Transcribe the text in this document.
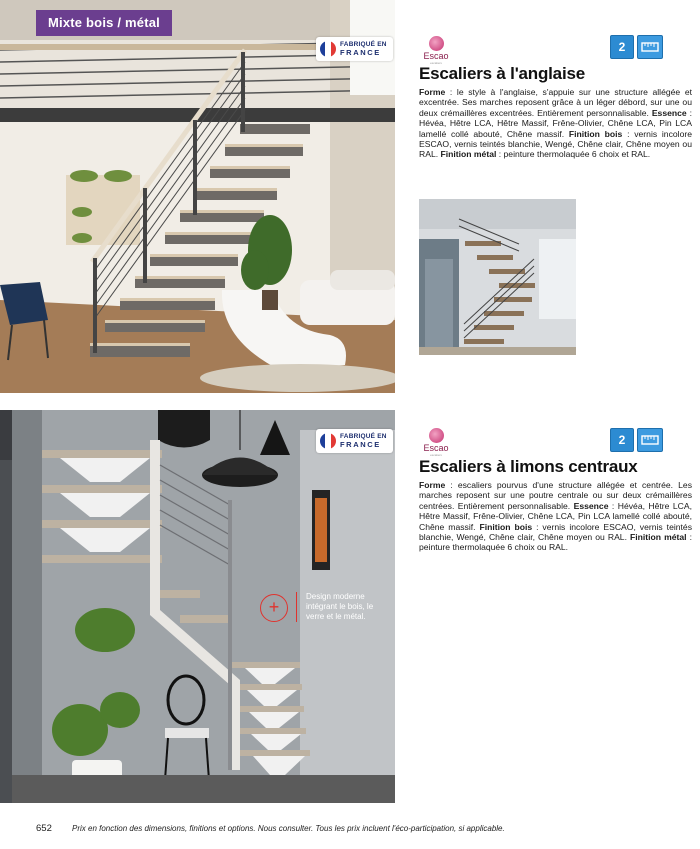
Mixte bois / métal
FABRIQUÉ EN
FRANCE	Escao
escaliers
2
Escaliers à l'anglaise
Forme : le style à l'anglaise, s'appuie sur une structure allégée et excentrée. Ses marches reposent grâce à un léger débord, sur une ou deux crémaillères excentrées. Entièrement personnalisable. Essence : Hévéa, Hêtre LCA, Hêtre Massif, Frêne-Olivier, Chêne LCA, Pin LCA lamellé collé abouté, Chêne massif. Finition bois : vernis incolore ESCAO, vernis teintés blanchie, Wengé, Chêne clair, Chêne moyen ou RAL. Finition métal : peinture thermolaquée 6 choix et RAL.
FABRIQUÉ EN
FRANCE
+
Design moderne intégrant le bois, le verre et le métal.
Escao
escaliers
2
Escaliers à limons centraux
Forme : escaliers pourvus d'une structure allégée et centrée. Les marches reposent sur une poutre centrale ou sur deux crémaillères centrées. Entièrement personnalisable. Essence : Hévéa, Hêtre LCA, Hêtre Massif, Frêne-Olivier, Chêne LCA, Pin LCA lamellé collé abouté, Chêne massif. Finition bois : vernis incolore ESCAO, vernis teintés blanchie, Wengé, Chêne clair, Chêne moyen ou RAL. Finition métal : peinture thermolaquée 6 choix ou RAL.
652	Prix en fonction des dimensions, finitions et options. Nous consulter. Tous les prix incluent l'éco-participation, si applicable.
